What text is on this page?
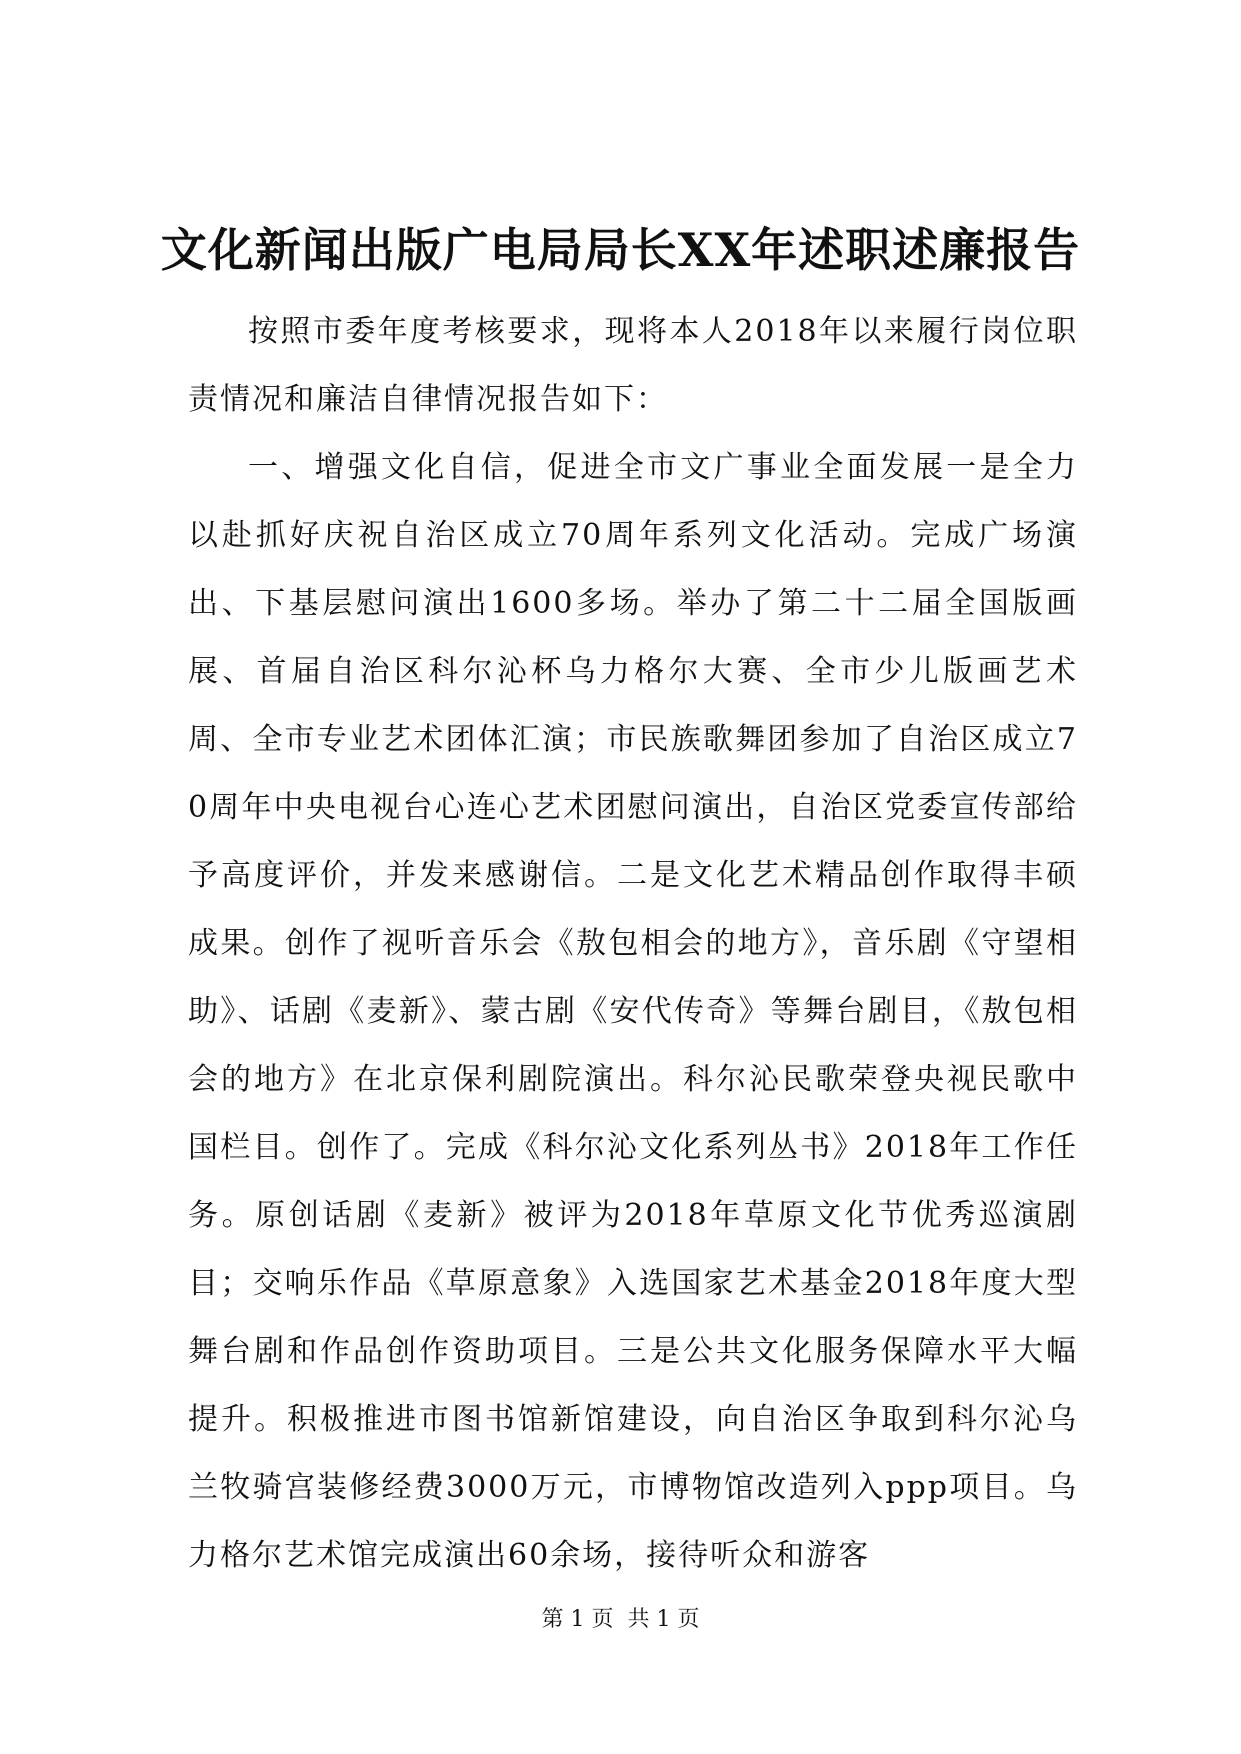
文化新闻出版广电局局长XX年述职述廉报告

按照市委年度考核要求，现将本人2018年以来履行岗位职责情况和廉洁自律情况报告如下：

一、增强文化自信，促进全市文广事业全面发展一是全力以赴抓好庆祝自治区成立70周年系列文化活动。完成广场演出、下基层慰问演出1600多场。举办了第二十二届全国版画展、首届自治区科尔沁杯乌力格尔大赛、全市少儿版画艺术周、全市专业艺术团体汇演；市民族歌舞团参加了自治区成立70周年中央电视台心连心艺术团慰问演出，自治区党委宣传部给予高度评价，并发来感谢信。二是文化艺术精品创作取得丰硕成果。创作了视听音乐会《敖包相会的地方》，音乐剧《守望相助》、话剧《麦新》、蒙古剧《安代传奇》等舞台剧目，《敖包相会的地方》在北京保利剧院演出。科尔沁民歌荣登央视民歌中国栏目。创作了。完成《科尔沁文化系列丛书》2018年工作任务。原创话剧《麦新》被评为2018年草原文化节优秀巡演剧目；交响乐作品《草原意象》入选国家艺术基金2018年度大型舞台剧和作品创作资助项目。三是公共文化服务保障水平大幅提升。积极推进市图书馆新馆建设，向自治区争取到科尔沁乌兰牧骑宫装修经费3000万元，市博物馆改造列入ppp项目。乌力格尔艺术馆完成演出60余场，接待听众和游客

第 1 页  共 1 页
